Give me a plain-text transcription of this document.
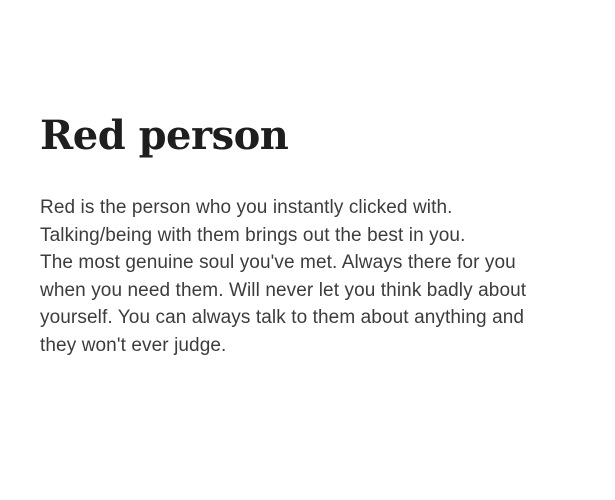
Red person
Red is the person who you instantly clicked with.
Talking/being with them brings out the best in you.
The most genuine soul you've met. Always there for you
when you need them. Will never let you think badly about
yourself. You can always talk to them about anything and
they won't ever judge.
